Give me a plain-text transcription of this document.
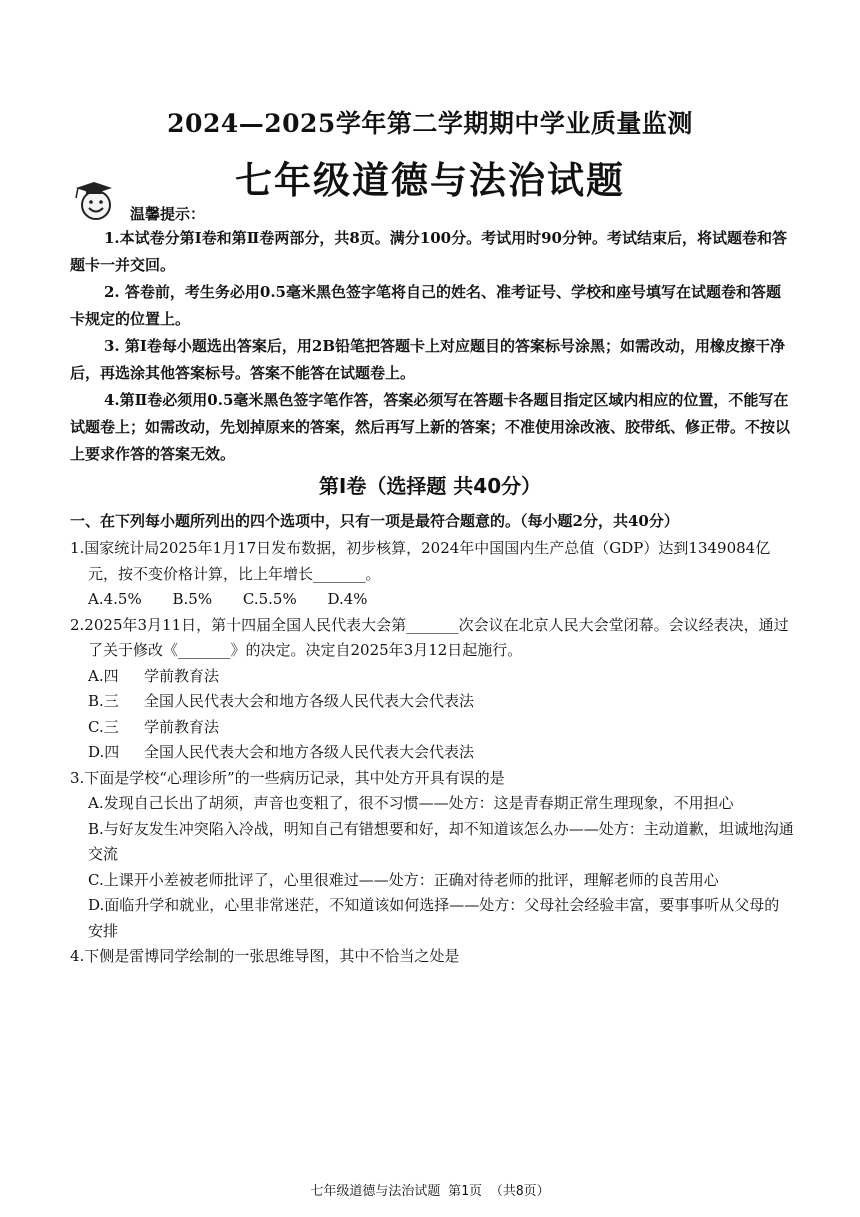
2024—2025学年第二学期期中学业质量监测
七年级道德与法治试题
温馨提示：

1.本试卷分第Ⅰ卷和第Ⅱ卷两部分，共8页。满分100分。考试用时90分钟。考试结束后，将试题卷和答题卡一并交回。

2. 答卷前，考生务必用0.5毫米黑色签字笔将自己的姓名、准考证号、学校和座号填写在试题卷和答题卡规定的位置上。

3. 第Ⅰ卷每小题选出答案后，用2B铅笔把答题卡上对应题目的答案标号涂黑；如需改动，用橡皮擦干净后，再选涂其他答案标号。答案不能答在试题卷上。

4.第Ⅱ卷必须用0.5毫米黑色签字笔作答，答案必须写在答题卡各题目指定区域内相应的位置，不能写在试题卷上；如需改动，先划掉原来的答案，然后再写上新的答案；不准使用涂改液、胶带纸、修正带。不按以上要求作答的答案无效。

第Ⅰ卷（选择题 共40分）
一、在下列每小题所列出的四个选项中，只有一项是最符合题意的。（每小题2分，共40分）
1.国家统计局2025年1月17日发布数据，初步核算，2024年中国国内生产总值（GDP）达到1349084亿元，按不变价格计算，比上年增长_______。
A.4.5% B.5% C.5.5% D.4%
2.2025年3月11日，第十四届全国人民代表大会第_______次会议在北京人民大会堂闭幕。会议经表决，通过了关于修改《_______》的决定。决定自2025年3月12日起施行。
A.四 学前教育法
B.三 全国人民代表大会和地方各级人民代表大会代表法
C.三 学前教育法
D.四 全国人民代表大会和地方各级人民代表大会代表法
3.下面是学校“心理诊所”的一些病历记录，其中处方开具有误的是
A.发现自己长出了胡须，声音也变粗了，很不习惯——处方：这是青春期正常生理现象，不用担心
B.与好友发生冲突陷入冷战，明知自己有错想要和好，却不知道该怎么办——处方：主动道歉，坦诚地沟通交流
C.上课开小差被老师批评了，心里很难过——处方：正确对待老师的批评，理解老师的良苦用心
D.面临升学和就业，心里非常迷茫，不知道该如何选择——处方：父母社会经验丰富，要事事听从父母的安排
4.下侧是雷博同学绘制的一张思维导图，其中不恰当之处是
七年级道德与法治试题 第1页 （共8页）
